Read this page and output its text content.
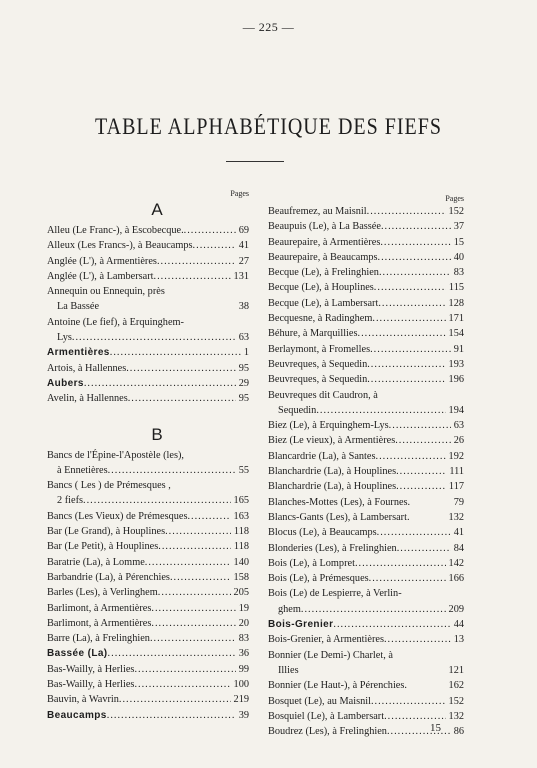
— 225 —
TABLE ALPHABÉTIQUE DES FIEFS
Pages
A
Alleu (Le Franc-), à Escobecque. .....	69
Alleux (Les Francs-), à Beaucamps .....	41
Anglée (L'), à Armentières .....	27
Anglée (L'), à Lambersart .....	131
Annequin ou Ennequin, près
La Bassée	38
Antoine (Le fief), à Erquinghem-
Lys .....	63
Armentières .....	1
Artois, à Hallennes .....	95
Aubers .....	29
Avelin, à Hallennes .....	95
B
Bancs de l'Épine-l'Apostèle (les),
à Ennetières .....	55
Bancs ( Les ) de Prémesques ,
2 fiefs .....	165
Bancs (Les Vieux) de Prémesques .....	163
Bar (Le Grand), à Houplines .....	118
Bar (Le Petit), à Houplines .....	118
Baratrie (La), à Lomme .....	140
Barbandrie (La), à Pérenchies .....	158
Barles (Les), à Verlinghem .....	205
Barlimont, à Armentières .....	19
Barlimont, à Armentières .....	20
Barre (La), à Frelinghien .....	83
Bassée (La) .....	36
Bas-Wailly, à Herlies .....	99
Bas-Wailly, à Herlies .....	100
Bauvin, à Wavrin .....	219
Beaucamps .....	39
Pages
Beaufremez, au Maisnil .....	152
Beaupuis (Le), à La Bassée .....	37
Beaurepaire, à Armentières .....	15
Beaurepaire, à Beaucamps .....	40
Becque (Le), à Frelinghien .....	83
Becque (Le), à Houplines .....	115
Becque (Le), à Lambersart .....	128
Becquesne, à Radinghem .....	171
Béhure, à Marquillies .....	154
Berlaymont, à Fromelles .....	91
Beuvreques, à Sequedin .....	193
Beuvreques, à Sequedin .....	196
Beuvreques dit Caudron, à
Sequedin .....	194
Biez (Le), à Erquinghem-Lys .....	63
Biez (Le vieux), à Armentières .....	26
Blancardrie (La), à Santes .....	192
Blanchardrie (La), à Houplines .....	111
Blanchardrie (La), à Houplines .....	117
Blanches-Mottes (Les), à Fournes.	79
Blancs-Gants (Les), à Lambersart.	132
Blocus (Le), à Beaucamps .....	41
Blonderies (Les), à Frelinghien .....	84
Bois (Le), à Lompret .....	142
Bois (Le), à Prémesques .....	166
Bois (Le) de Lespierre, à Verlin-
ghem .....	209
Bois-Grenier .....	44
Bois-Grenier, à Armentières .....	13
Bonnier (Le Demi-) Charlet, à
Illies	121
Bonnier (Le Haut-), à Pérenchies.	162
Bosquet (Le), au Maisnil .....	152
Bosquiel (Le), à Lambersart .....	132
Boudrez (Les), à Frelinghien .....	86
15
